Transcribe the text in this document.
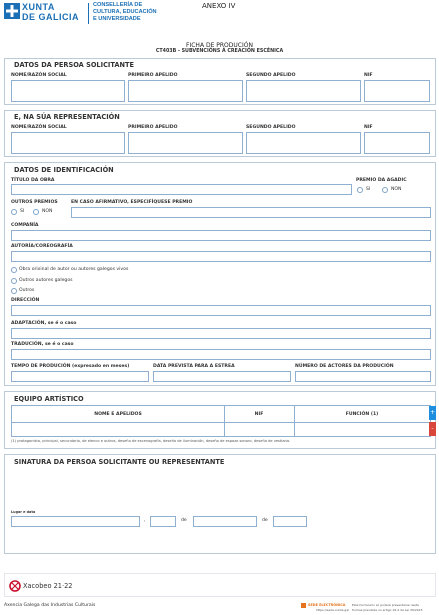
XUNTA
DE GALICIA
CONSELLERÍA DE
CULTURA, EDUCACIÓN
E UNIVERSIDADE
ANEXO IV
FICHA DE PRODUCIÓN
CT403B - SUBVENCIÓNS Á CREACIÓN ESCÉNICA
DATOS DA PERSOA SOLICITANTE
NOME/RAZÓN SOCIAL	PRIMEIRO APELIDO	SEGUNDO APELIDO	NIF
E, NA SÚA REPRESENTACIÓN
NOME/RAZÓN SOCIAL	PRIMEIRO APELIDO	SEGUNDO APELIDO	NIF
DATOS DE IDENTIFICACIÓN
TÍTULO DA OBRA	PREMIO DA AGADIC
SI	NON
OUTROS PREMIOS
SI	NON
EN CASO AFIRMATIVO, ESPECIFÍQUESE PREMIO
COMPAÑÍA
AUTORÍA/COREOGRAFÍA
Obra orixinal de autor ou autores galegos vivos
Outros autores galegos
Outros
DIRECCIÓN
ADAPTACIÓN, se é o caso
TRADUCIÓN, se é o caso
TEMPO DE PRODUCIÓN (expresado en meses)	DATA PREVISTA PARA A ESTREA	NÚMERO DE ACTORES DA PRODUCIÓN
EQUIPO ARTÍSTICO
NOME E APELIDOS	NIF	FUNCIÓN (1)	+
-
(1) protagonista, principal, secundario, de elenco e outros, deseño de escenografía, deseño de iluminación, deseño de espazo sonoro, deseño de vestiario.
SINATURA DA PERSOA SOLICITANTE OU REPRESENTANTE
Lugar e data
,	de	de
Xacobeo 21·22
Axencia Galega das Industrias Culturais	SEDE ELECTRÓNICA Este formulario só poderá presentarse nesta
https://sede.xunta.gal formas previstas no artigo 16.4 da Lei 39/2015
